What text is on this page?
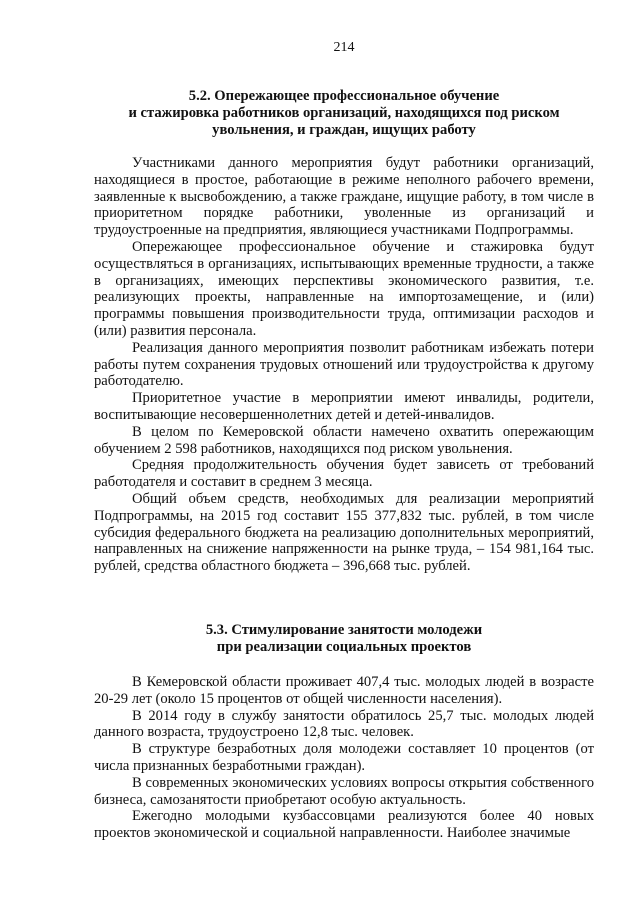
214
5.2. Опережающее профессиональное обучение
и стажировка работников организаций, находящихся под риском
увольнения, и граждан, ищущих работу

Участниками данного мероприятия будут работники организаций, находящиеся в простое, работающие в режиме неполного рабочего времени, заявленные к высвобождению, а также граждане, ищущие работу, в том числе в приоритетном порядке работники, уволенные из организаций и трудоустроенные на предприятия, являющиеся участниками Подпрограммы.

Опережающее профессиональное обучение и стажировка будут осуществляться в организациях, испытывающих временные трудности, а также в организациях, имеющих перспективы экономического развития, т.е. реализующих проекты, направленные на импортозамещение, и (или) программы повышения производительности труда, оптимизации расходов и (или) развития персонала.

Реализация данного мероприятия позволит работникам избежать потери работы путем сохранения трудовых отношений или трудоустройства к другому работодателю.

Приоритетное участие в мероприятии имеют инвалиды, родители, воспитывающие несовершеннолетних детей и детей-инвалидов.

В целом по Кемеровской области намечено охватить опережающим обучением 2 598 работников, находящихся под риском увольнения.

Средняя продолжительность обучения будет зависеть от требований работодателя и составит в среднем 3 месяца.

Общий объем средств, необходимых для реализации мероприятий Подпрограммы, на 2015 год составит 155 377,832 тыс. рублей, в том числе субсидия федерального бюджета на реализацию дополнительных мероприятий, направленных на снижение напряженности на рынке труда, – 154 981,164 тыс. рублей, средства областного бюджета – 396,668 тыс. рублей.

5.3. Стимулирование занятости молодежи
при реализации социальных проектов

В Кемеровской области проживает 407,4 тыс. молодых людей в возрасте 20-29 лет (около 15 процентов от общей численности населения).

В 2014 году в службу занятости обратилось 25,7 тыс. молодых людей данного возраста, трудоустроено 12,8 тыс. человек.

В структуре безработных доля молодежи составляет 10 процентов (от числа признанных безработными граждан).

В современных экономических условиях вопросы открытия собственного бизнеса, самозанятости приобретают особую актуальность.

Ежегодно молодыми кузбассовцами реализуются более 40 новых проектов экономической и социальной направленности. Наиболее значимые
